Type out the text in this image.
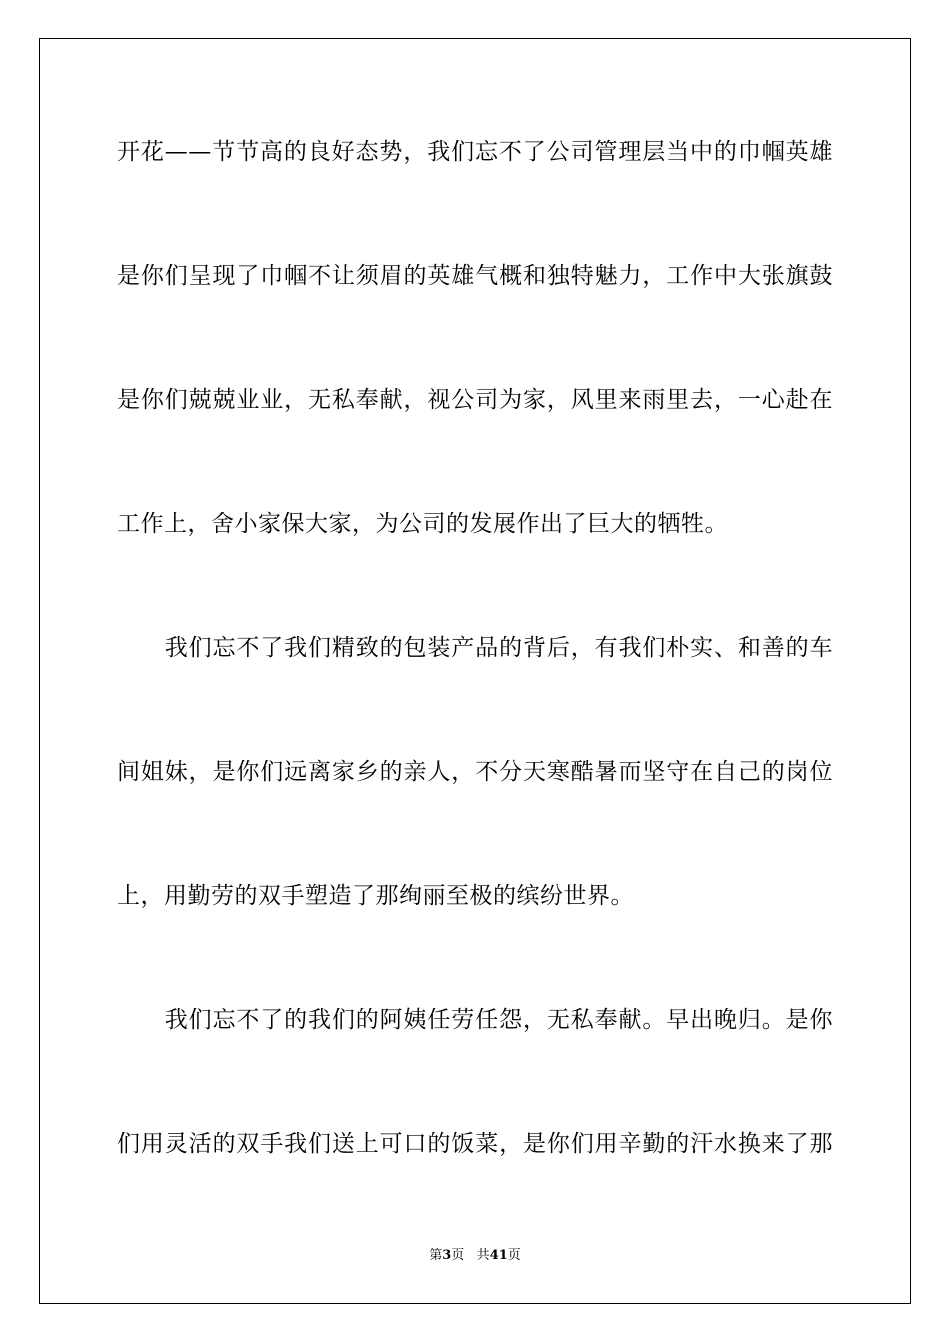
开花——节节高的良好态势，我们忘不了公司管理层当中的巾帼英雄
是你们呈现了巾帼不让须眉的英雄气概和独特魅力，工作中大张旗鼓
是你们兢兢业业，无私奉献，视公司为家，风里来雨里去，一心赴在
工作上，舍小家保大家，为公司的发展作出了巨大的牺牲。
　　我们忘不了我们精致的包装产品的背后，有我们朴实、和善的车
间姐妹，是你们远离家乡的亲人，不分天寒酷暑而坚守在自己的岗位
上，用勤劳的双手塑造了那绚丽至极的缤纷世界。
　　我们忘不了的我们的阿姨任劳任怨，无私奉献。早出晚归。是你
们用灵活的双手我们送上可口的饭菜，是你们用辛勤的汗水换来了那
第3页 共41页
